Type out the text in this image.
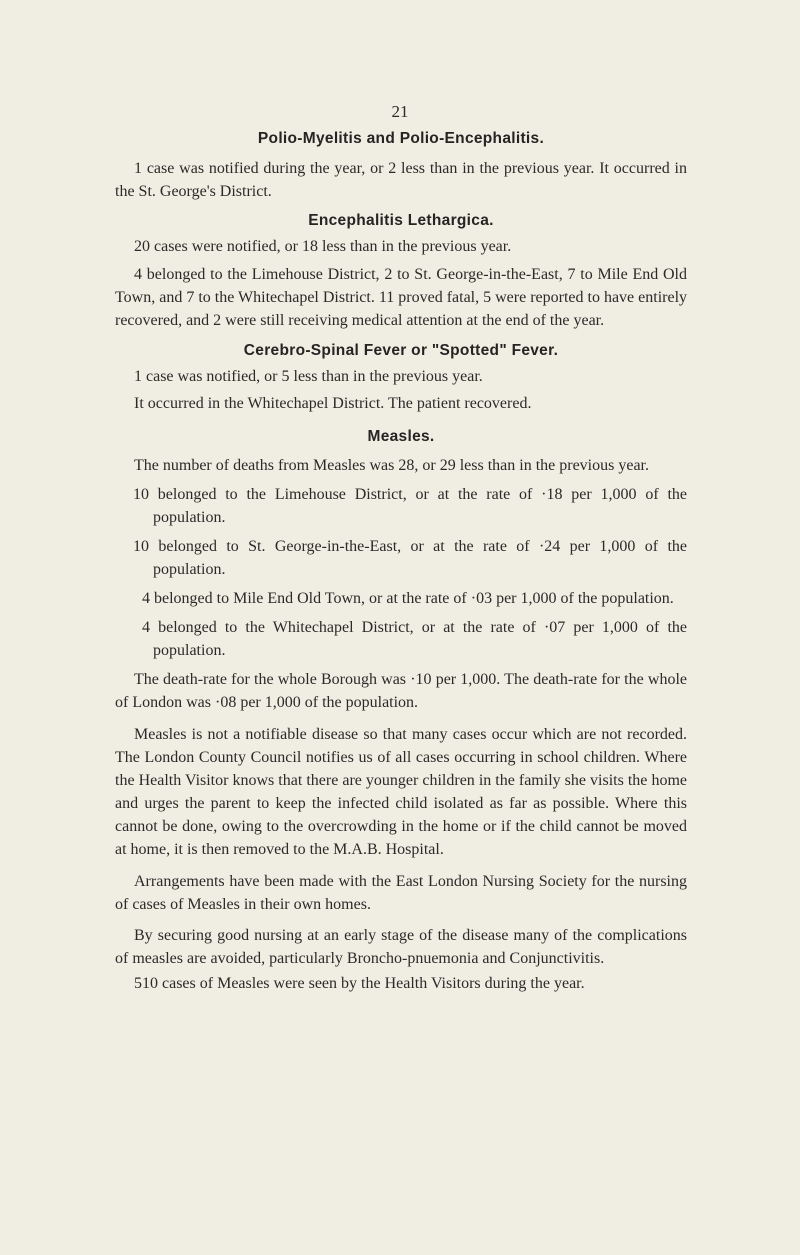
21
Polio-Myelitis and Polio-Encephalitis.

1 case was notified during the year, or 2 less than in the previous year. It occurred in the St. George's District.

Encephalitis Lethargica.

20 cases were notified, or 18 less than in the previous year.

4 belonged to the Limehouse District, 2 to St. George-in-the-East, 7 to Mile End Old Town, and 7 to the Whitechapel District. 11 proved fatal, 5 were reported to have entirely recovered, and 2 were still receiving medical attention at the end of the year.

Cerebro-Spinal Fever or "Spotted" Fever.

1 case was notified, or 5 less than in the previous year.

It occurred in the Whitechapel District. The patient recovered.

Measles.

The number of deaths from Measles was 28, or 29 less than in the previous year.

10 belonged to the Limehouse District, or at the rate of ·18 per 1,000 of the population.

10 belonged to St. George-in-the-East, or at the rate of ·24 per 1,000 of the population.

4 belonged to Mile End Old Town, or at the rate of ·03 per 1,000 of the population.

4 belonged to the Whitechapel District, or at the rate of ·07 per 1,000 of the population.

The death-rate for the whole Borough was ·10 per 1,000. The death-rate for the whole of London was ·08 per 1,000 of the population.

Measles is not a notifiable disease so that many cases occur which are not recorded. The London County Council notifies us of all cases occurring in school children. Where the Health Visitor knows that there are younger children in the family she visits the home and urges the parent to keep the infected child isolated as far as possible. Where this cannot be done, owing to the overcrowding in the home or if the child cannot be moved at home, it is then removed to the M.A.B. Hospital.

Arrangements have been made with the East London Nursing Society for the nursing of cases of Measles in their own homes.

By securing good nursing at an early stage of the disease many of the complications of measles are avoided, particularly Broncho-pnuemonia and Conjunctivitis.

510 cases of Measles were seen by the Health Visitors during the year.
